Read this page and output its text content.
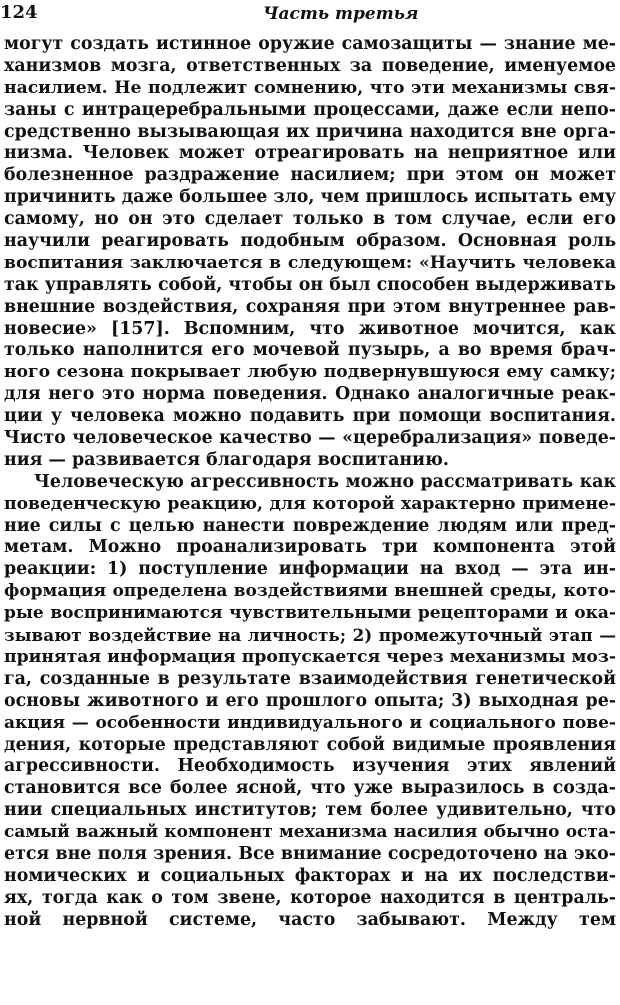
124	Часть третья
могут создать истинное оружие самозащиты — знание ме-
ханизмов мозга, ответственных за поведение, именуемое
насилием. Не подлежит сомнению, что эти механизмы свя-
заны с интрацеребральными процессами, даже если непо-
средственно вызывающая их причина находится вне орга-
низма. Человек может отреагировать на неприятное или
болезненное раздражение насилием; при этом он может
причинить даже большее зло, чем пришлось испытать ему
самому, но он это сделает только в том случае, если его
научили реагировать подобным образом. Основная роль
воспитания заключается в следующем: «Научить человека
так управлять собой, чтобы он был способен выдерживать
внешние воздействия, сохраняя при этом внутреннее рав-
новесие» [157]. Вспомним, что животное мочится, как
только наполнится его мочевой пузырь, а во время брач-
ного сезона покрывает любую подвернувшуюся ему самку;
для него это норма поведения. Однако аналогичные реак-
ции у человека можно подавить при помощи воспитания.
Чисто человеческое качество — «церебрализация» поведе-
ния — развивается благодаря воспитанию.
Человеческую агрессивность можно рассматривать как
поведенческую реакцию, для которой характерно примене-
ние силы с целью нанести повреждение людям или пред-
метам. Можно проанализировать три компонента этой
реакции: 1) поступление информации на вход — эта ин-
формация определена воздействиями внешней среды, кото-
рые воспринимаются чувствительными рецепторами и ока-
зывают воздействие на личность; 2) промежуточный этап —
принятая информация пропускается через механизмы моз-
га, созданные в результате взаимодействия генетической
основы животного и его прошлого опыта; 3) выходная ре-
акция — особенности индивидуального и социального пове-
дения, которые представляют собой видимые проявления
агрессивности. Необходимость изучения этих явлений
становится все более ясной, что уже выразилось в созда-
нии специальных институтов; тем более удивительно, что
самый важный компонент механизма насилия обычно оста-
ется вне поля зрения. Все внимание сосредоточено на эко-
номических и социальных факторах и на их последстви-
ях, тогда как о том звене, которое находится в централь-
ной нервной системе, часто забывают. Между тем
